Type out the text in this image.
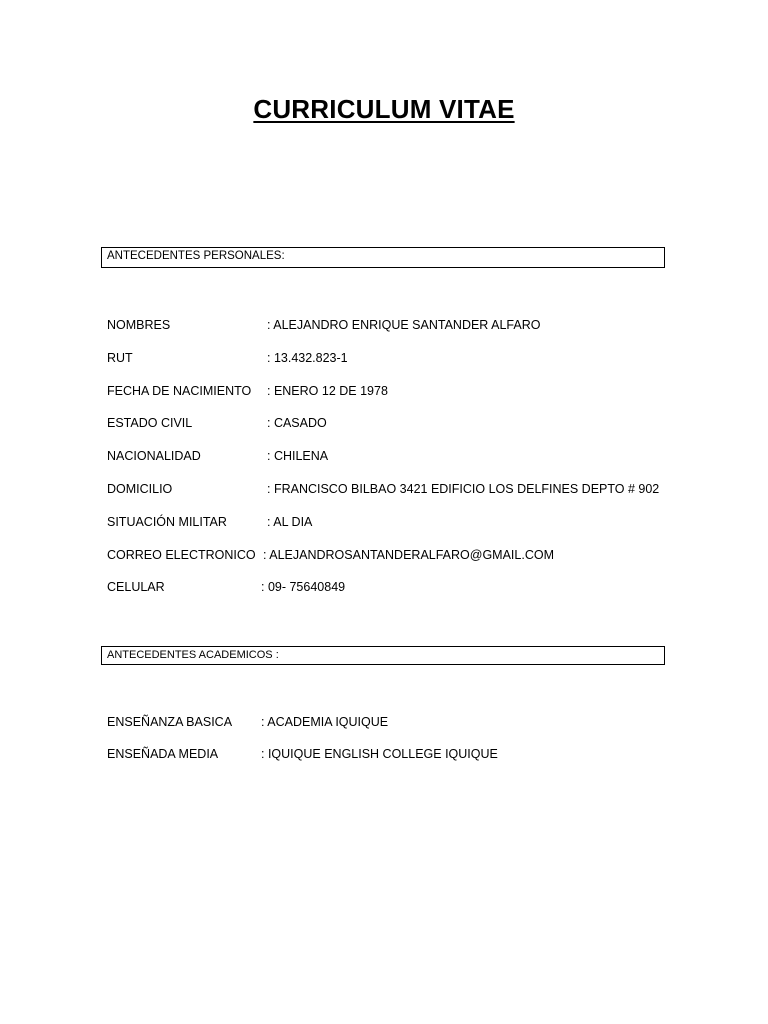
CURRICULUM VITAE
ANTECEDENTES PERSONALES:
NOMBRES	: ALEJANDRO ENRIQUE SANTANDER ALFARO
RUT	: 13.432.823-1
FECHA DE NACIMIENTO : ENERO 12 DE 1978
ESTADO CIVIL	: CASADO
NACIONALIDAD	: CHILENA
DOMICILIO	: FRANCISCO BILBAO 3421 EDIFICIO LOS DELFINES DEPTO # 902
SITUACIÓN MILITAR	: AL DIA
CORREO ELECTRONICO : ALEJANDROSANTANDERALFARO@GMAIL.COM
CELULAR	: 09- 75640849
ANTECEDENTES ACADEMICOS :
ENSEÑANZA BASICA : ACADEMIA IQUIQUE
ENSEÑADA MEDIA	: IQUIQUE ENGLISH COLLEGE IQUIQUE
